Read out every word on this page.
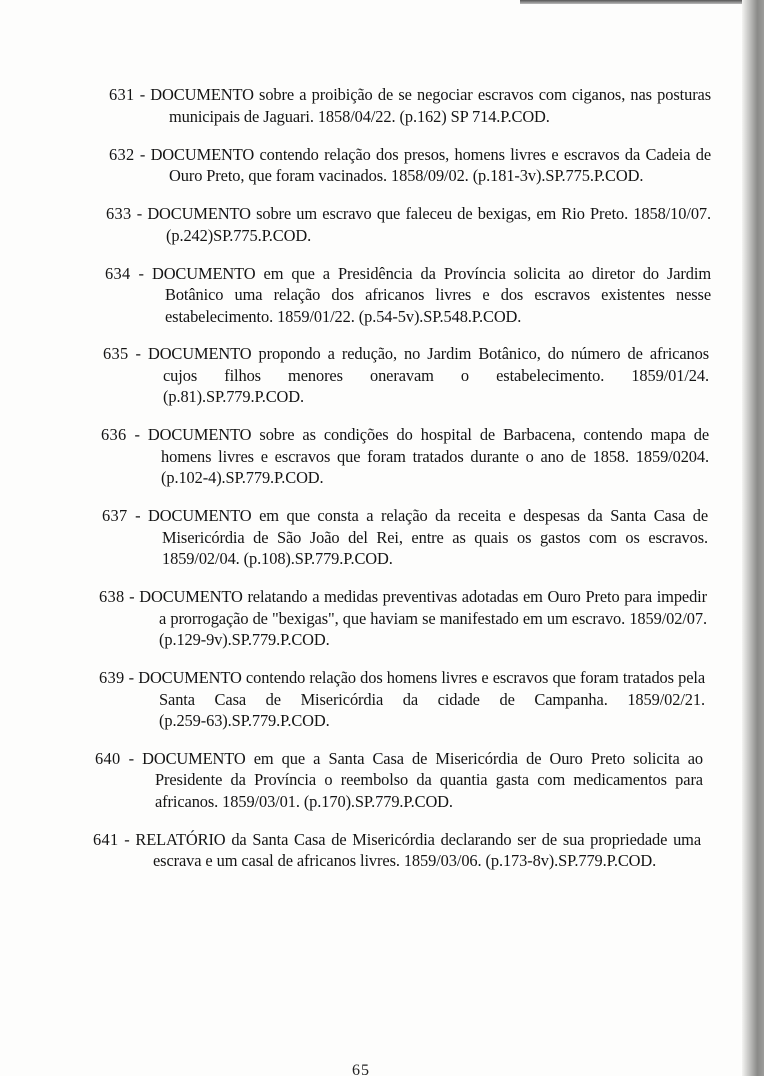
631 - DOCUMENTO sobre a proibição de se negociar escravos com ciganos, nas posturas municipais de Jaguari. 1858/04/22. (p.162) SP 714.P.COD.

632 - DOCUMENTO contendo relação dos presos, homens livres e escravos da Cadeia de Ouro Preto, que foram vacinados. 1858/09/02. (p.181-3v).SP.775.P.COD.

633 - DOCUMENTO sobre um escravo que faleceu de bexigas, em Rio Preto. 1858/10/07. (p.242)SP.775.P.COD.

634 - DOCUMENTO em que a Presidência da Província solicita ao diretor do Jardim Botânico uma relação dos africanos livres e dos escravos existentes nesse estabelecimento. 1859/01/22. (p.54-5v).SP.548.P.COD.

635 - DOCUMENTO propondo a redução, no Jardim Botânico, do número de africanos cujos filhos menores oneravam o estabelecimento. 1859/01/24. (p.81).SP.779.P.COD.

636 - DOCUMENTO sobre as condições do hospital de Barbacena, contendo mapa de homens livres e escravos que foram tratados durante o ano de 1858. 1859/0204. (p.102-4).SP.779.P.COD.

637 - DOCUMENTO em que consta a relação da receita e despesas da Santa Casa de Misericórdia de São João del Rei, entre as quais os gastos com os escravos. 1859/02/04. (p.108).SP.779.P.COD.

638 - DOCUMENTO relatando a medidas preventivas adotadas em Ouro Preto para impedir a prorrogação de "bexigas", que haviam se manifestado em um escravo. 1859/02/07. (p.129-9v).SP.779.P.COD.

639 - DOCUMENTO contendo relação dos homens livres e escravos que foram tratados pela Santa Casa de Misericórdia da cidade de Campanha. 1859/02/21. (p.259-63).SP.779.P.COD.

640 - DOCUMENTO em que a Santa Casa de Misericórdia de Ouro Preto solicita ao Presidente da Província o reembolso da quantia gasta com medicamentos para africanos. 1859/03/01. (p.170).SP.779.P.COD.

641 - RELATÓRIO da Santa Casa de Misericórdia declarando ser de sua propriedade uma escrava e um casal de africanos livres. 1859/03/06. (p.173-8v).SP.779.P.COD.

65
